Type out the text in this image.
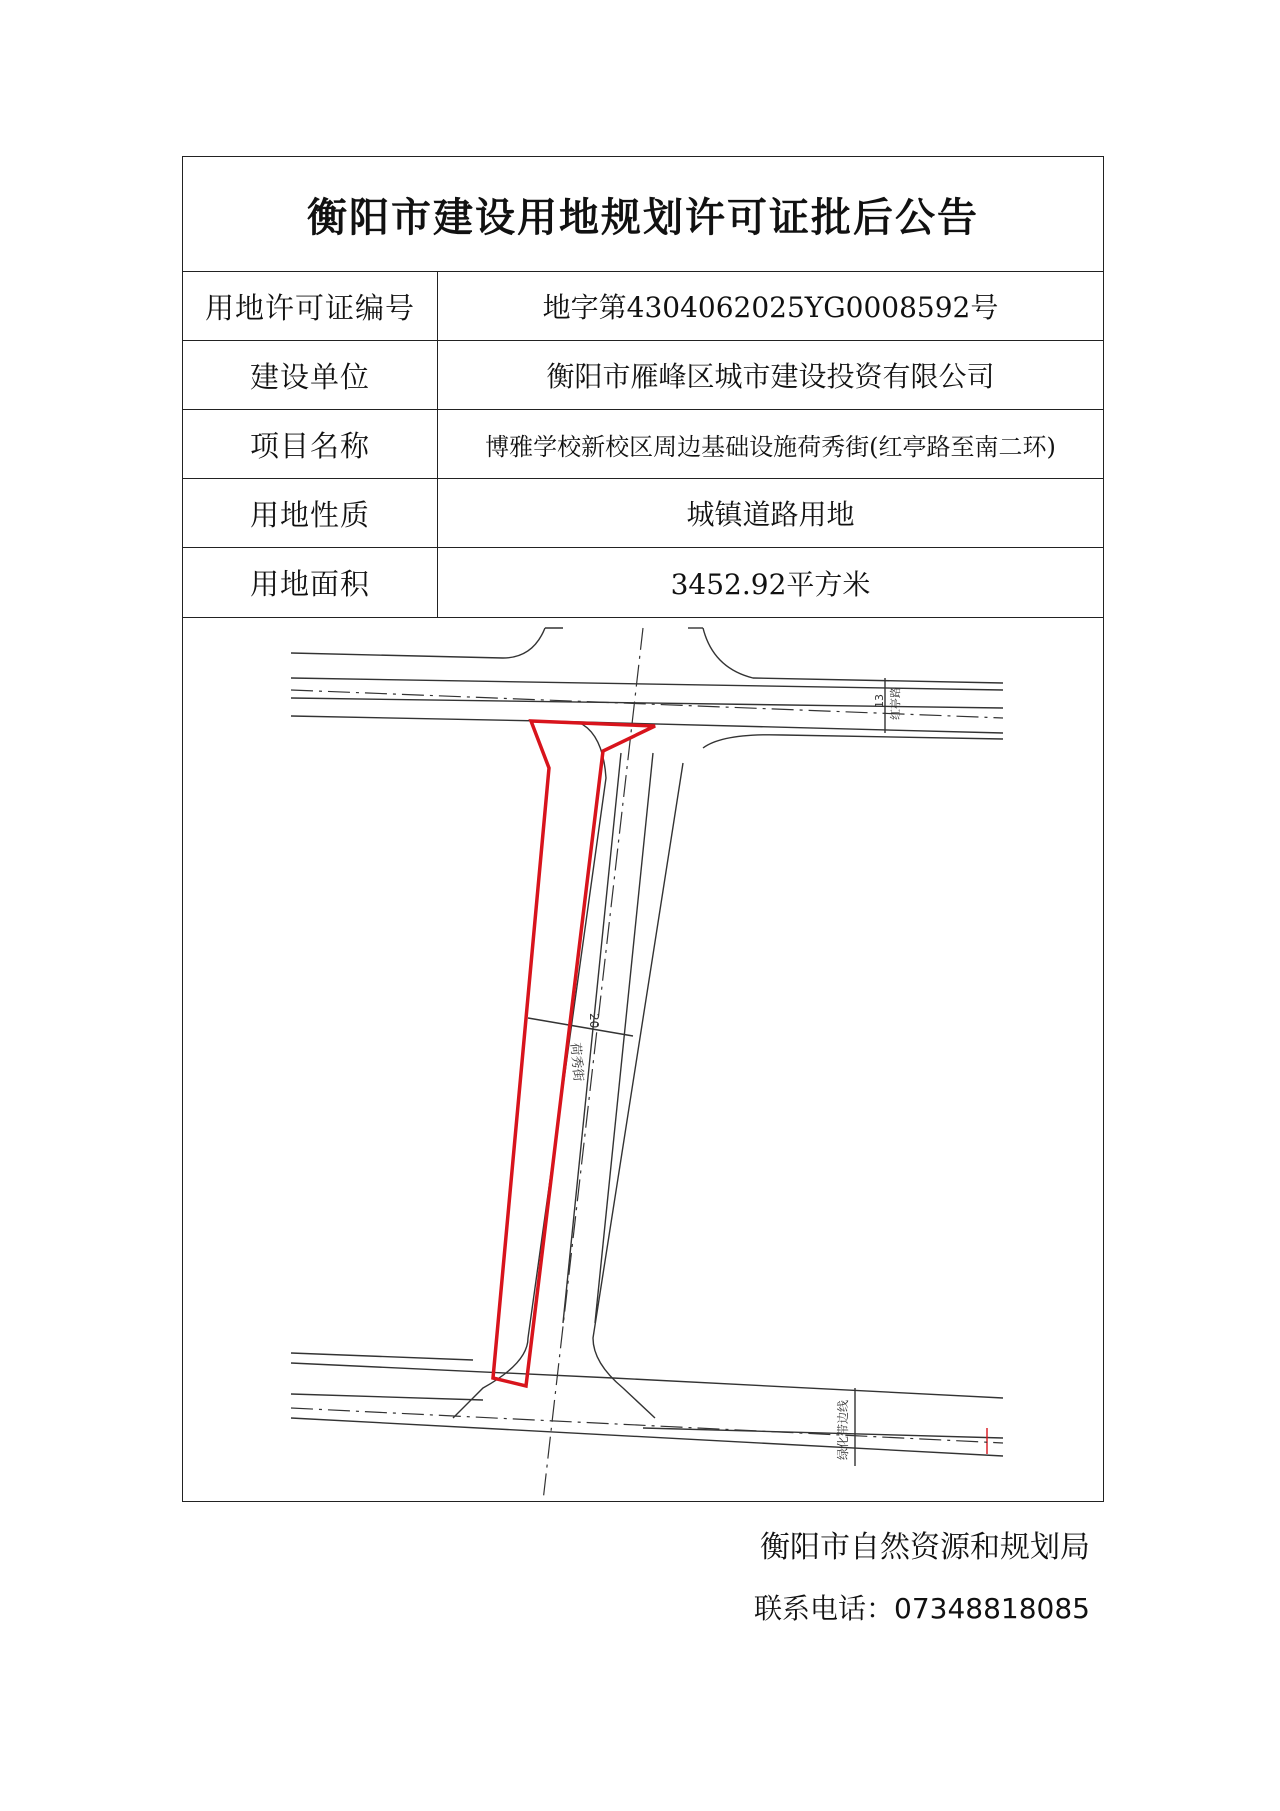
衡阳市建设用地规划许可证批后公告
用地许可证编号	地字第4304062025YG0008592号
建设单位	衡阳市雁峰区城市建设投资有限公司
项目名称	博雅学校新校区周边基础设施荷秀街(红亭路至南二环)
用地性质	城镇道路用地
用地面积	3452.92平方米
13 红亭路
20
荷秀街
绿化带边线
衡阳市自然资源和规划局
联系电话：07348818085
